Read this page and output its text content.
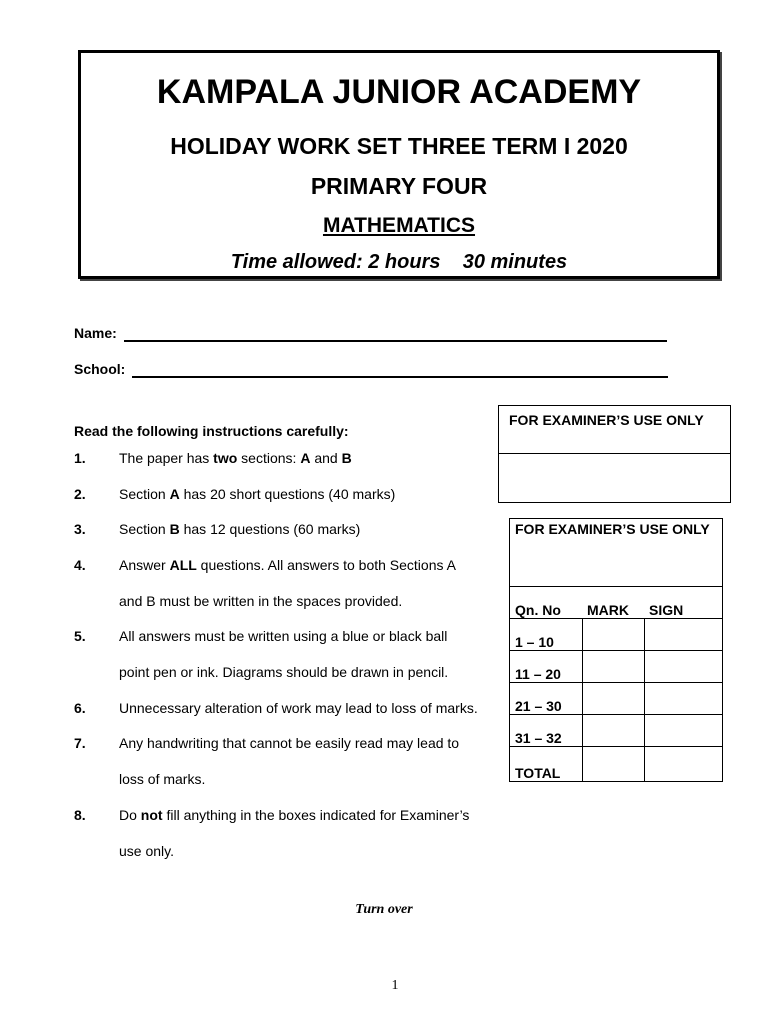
KAMPALA JUNIOR ACADEMY
HOLIDAY WORK SET THREE TERM I 2020
PRIMARY FOUR
MATHEMATICS
Time allowed: 2 hours    30 minutes
Name:
School:
Read the following instructions carefully:
1. The paper has two sections: A and B
2. Section A has 20 short questions (40 marks)
3. Section B has 12 questions (60 marks)
4. Answer ALL questions. All answers to both Sections A
and B must be written in the spaces provided.
5. All answers must be written using a blue or black ball
point pen or ink. Diagrams should be drawn in pencil.
6. Unnecessary alteration of work may lead to loss of marks.
7. Any handwriting that cannot be easily read may lead to
loss of marks.
8. Do not fill anything in the boxes indicated for Examiner’s
use only.
FOR EXAMINER’S USE ONLY
FOR EXAMINER’S USE ONLY		
Qn. No	MARK	SIGN
1 – 10		
11 – 20		
21 – 30		
31 – 32		
TOTAL		
Turn over
1
